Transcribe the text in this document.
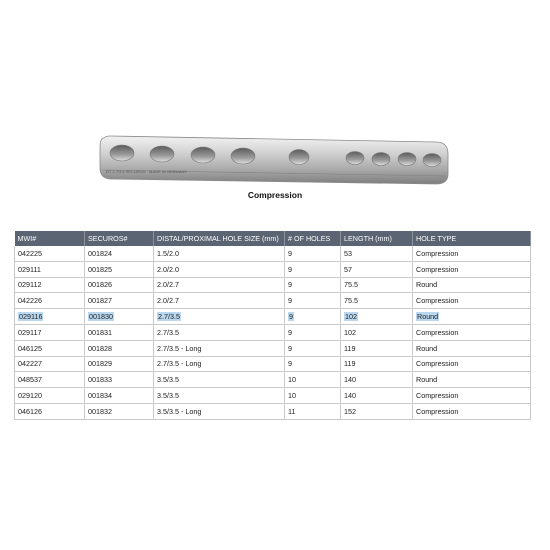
DT 2.7/3.5 SECUROS · MADE IN GERMANY
Compression
MWI#	SECUROS#	DISTAL/PROXIMAL HOLE SIZE (mm)	# OF HOLES	LENGTH (mm)	HOLE TYPE
042225	001824	1.5/2.0	9	53	Compression
029111	001825	2.0/2.0	9	57	Compression
029112	001826	2.0/2.7	9	75.5	Round
042226	001827	2.0/2.7	9	75.5	Compression
029116	001830	2.7/3.5	9	102	Round
029117	001831	2.7/3.5	9	102	Compression
046125	001828	2.7/3.5 - Long	9	119	Round
042227	001829	2.7/3.5 - Long	9	119	Compression
048537	001833	3.5/3.5	10	140	Round
029120	001834	3.5/3.5	10	140	Compression
046126	001832	3.5/3.5 - Long	11	152	Compression
